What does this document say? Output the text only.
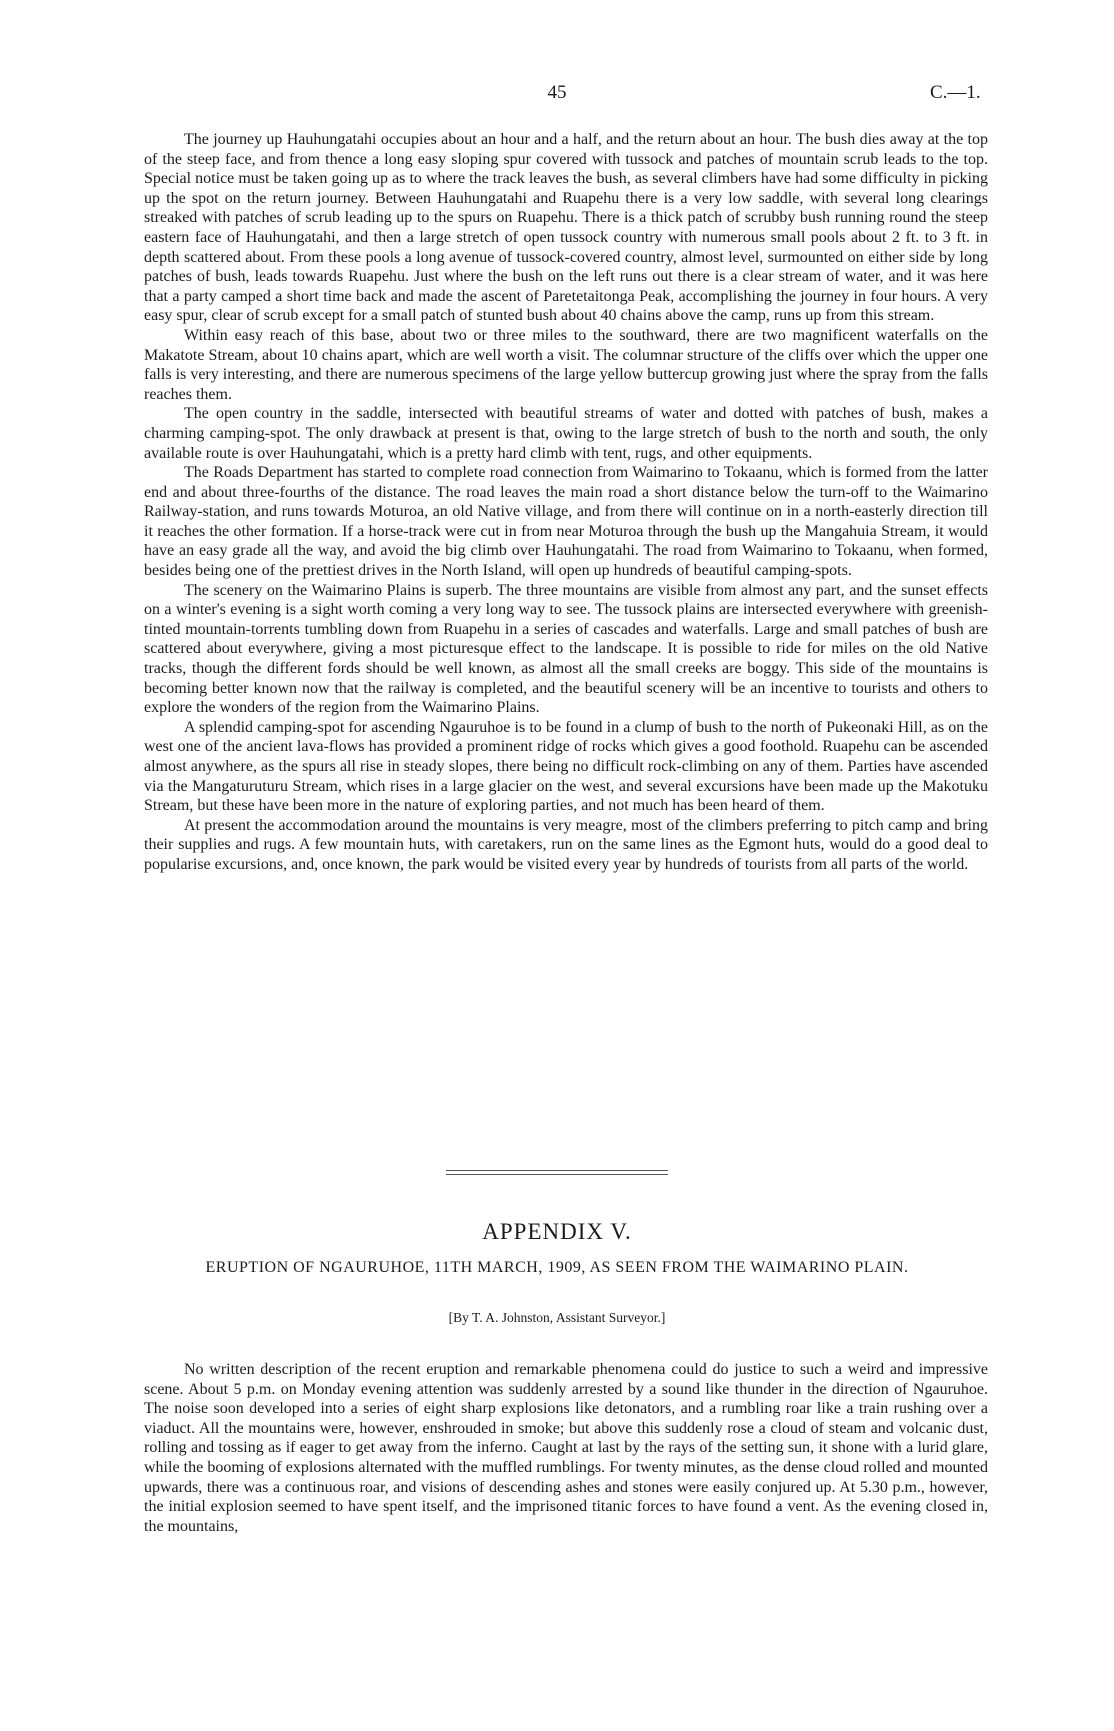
45	C.—1.

The journey up Hauhungatahi occupies about an hour and a half, and the return about an hour. The bush dies away at the top of the steep face, and from thence a long easy sloping spur covered with tussock and patches of mountain scrub leads to the top. Special notice must be taken going up as to where the track leaves the bush, as several climbers have had some difficulty in picking up the spot on the return journey. Between Hauhungatahi and Ruapehu there is a very low saddle, with several long clearings streaked with patches of scrub leading up to the spurs on Ruapehu. There is a thick patch of scrubby bush running round the steep eastern face of Hauhungatahi, and then a large stretch of open tussock country with numerous small pools about 2 ft. to 3 ft. in depth scattered about. From these pools a long avenue of tussock-covered country, almost level, surmounted on either side by long patches of bush, leads towards Ruapehu. Just where the bush on the left runs out there is a clear stream of water, and it was here that a party camped a short time back and made the ascent of Paretetaitonga Peak, accomplishing the journey in four hours. A very easy spur, clear of scrub except for a small patch of stunted bush about 40 chains above the camp, runs up from this stream.

Within easy reach of this base, about two or three miles to the southward, there are two magnificent waterfalls on the Makatote Stream, about 10 chains apart, which are well worth a visit. The columnar structure of the cliffs over which the upper one falls is very interesting, and there are numerous specimens of the large yellow buttercup growing just where the spray from the falls reaches them.

The open country in the saddle, intersected with beautiful streams of water and dotted with patches of bush, makes a charming camping-spot. The only drawback at present is that, owing to the large stretch of bush to the north and south, the only available route is over Hauhungatahi, which is a pretty hard climb with tent, rugs, and other equipments.

The Roads Department has started to complete road connection from Waimarino to Tokaanu, which is formed from the latter end and about three-fourths of the distance. The road leaves the main road a short distance below the turn-off to the Waimarino Railway-station, and runs towards Moturoa, an old Native village, and from there will continue on in a north-easterly direction till it reaches the other formation. If a horse-track were cut in from near Moturoa through the bush up the Mangahuia Stream, it would have an easy grade all the way, and avoid the big climb over Hauhungatahi. The road from Waimarino to Tokaanu, when formed, besides being one of the prettiest drives in the North Island, will open up hundreds of beautiful camping-spots.

The scenery on the Waimarino Plains is superb. The three mountains are visible from almost any part, and the sunset effects on a winter's evening is a sight worth coming a very long way to see. The tussock plains are intersected everywhere with greenish-tinted mountain-torrents tumbling down from Ruapehu in a series of cascades and waterfalls. Large and small patches of bush are scattered about everywhere, giving a most picturesque effect to the landscape. It is possible to ride for miles on the old Native tracks, though the different fords should be well known, as almost all the small creeks are boggy. This side of the mountains is becoming better known now that the railway is completed, and the beautiful scenery will be an incentive to tourists and others to explore the wonders of the region from the Waimarino Plains.

A splendid camping-spot for ascending Ngauruhoe is to be found in a clump of bush to the north of Pukeonaki Hill, as on the west one of the ancient lava-flows has provided a prominent ridge of rocks which gives a good foothold. Ruapehu can be ascended almost anywhere, as the spurs all rise in steady slopes, there being no difficult rock-climbing on any of them. Parties have ascended via the Mangaturuturu Stream, which rises in a large glacier on the west, and several excursions have been made up the Makotuku Stream, but these have been more in the nature of exploring parties, and not much has been heard of them.

At present the accommodation around the mountains is very meagre, most of the climbers preferring to pitch camp and bring their supplies and rugs. A few mountain huts, with caretakers, run on the same lines as the Egmont huts, would do a good deal to popularise excursions, and, once known, the park would be visited every year by hundreds of tourists from all parts of the world.

APPENDIX V.
ERUPTION OF NGAURUHOE, 11TH MARCH, 1909, AS SEEN FROM THE WAIMARINO PLAIN.
[By T. A. Johnston, Assistant Surveyor.]

No written description of the recent eruption and remarkable phenomena could do justice to such a weird and impressive scene. About 5 p.m. on Monday evening attention was suddenly arrested by a sound like thunder in the direction of Ngauruhoe. The noise soon developed into a series of eight sharp explosions like detonators, and a rumbling roar like a train rushing over a viaduct. All the mountains were, however, enshrouded in smoke; but above this suddenly rose a cloud of steam and volcanic dust, rolling and tossing as if eager to get away from the inferno. Caught at last by the rays of the setting sun, it shone with a lurid glare, while the booming of explosions alternated with the muffled rumblings. For twenty minutes, as the dense cloud rolled and mounted upwards, there was a continuous roar, and visions of descending ashes and stones were easily conjured up. At 5.30 p.m., however, the initial explosion seemed to have spent itself, and the imprisoned titanic forces to have found a vent. As the evening closed in, the mountains,
